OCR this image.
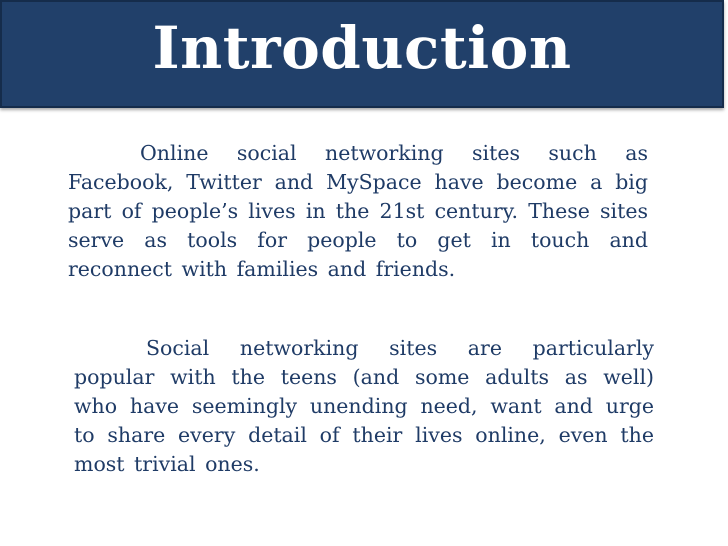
Introduction

Online social networking sites such as Facebook, Twitter and MySpace have become a big part of people’s lives in the 21st century. These sites serve as tools for people to get in touch and reconnect with families and friends.

Social networking sites are particularly popular with the teens (and some adults as well) who have seemingly unending need, want and urge to share every detail of their lives online, even the most trivial ones.
